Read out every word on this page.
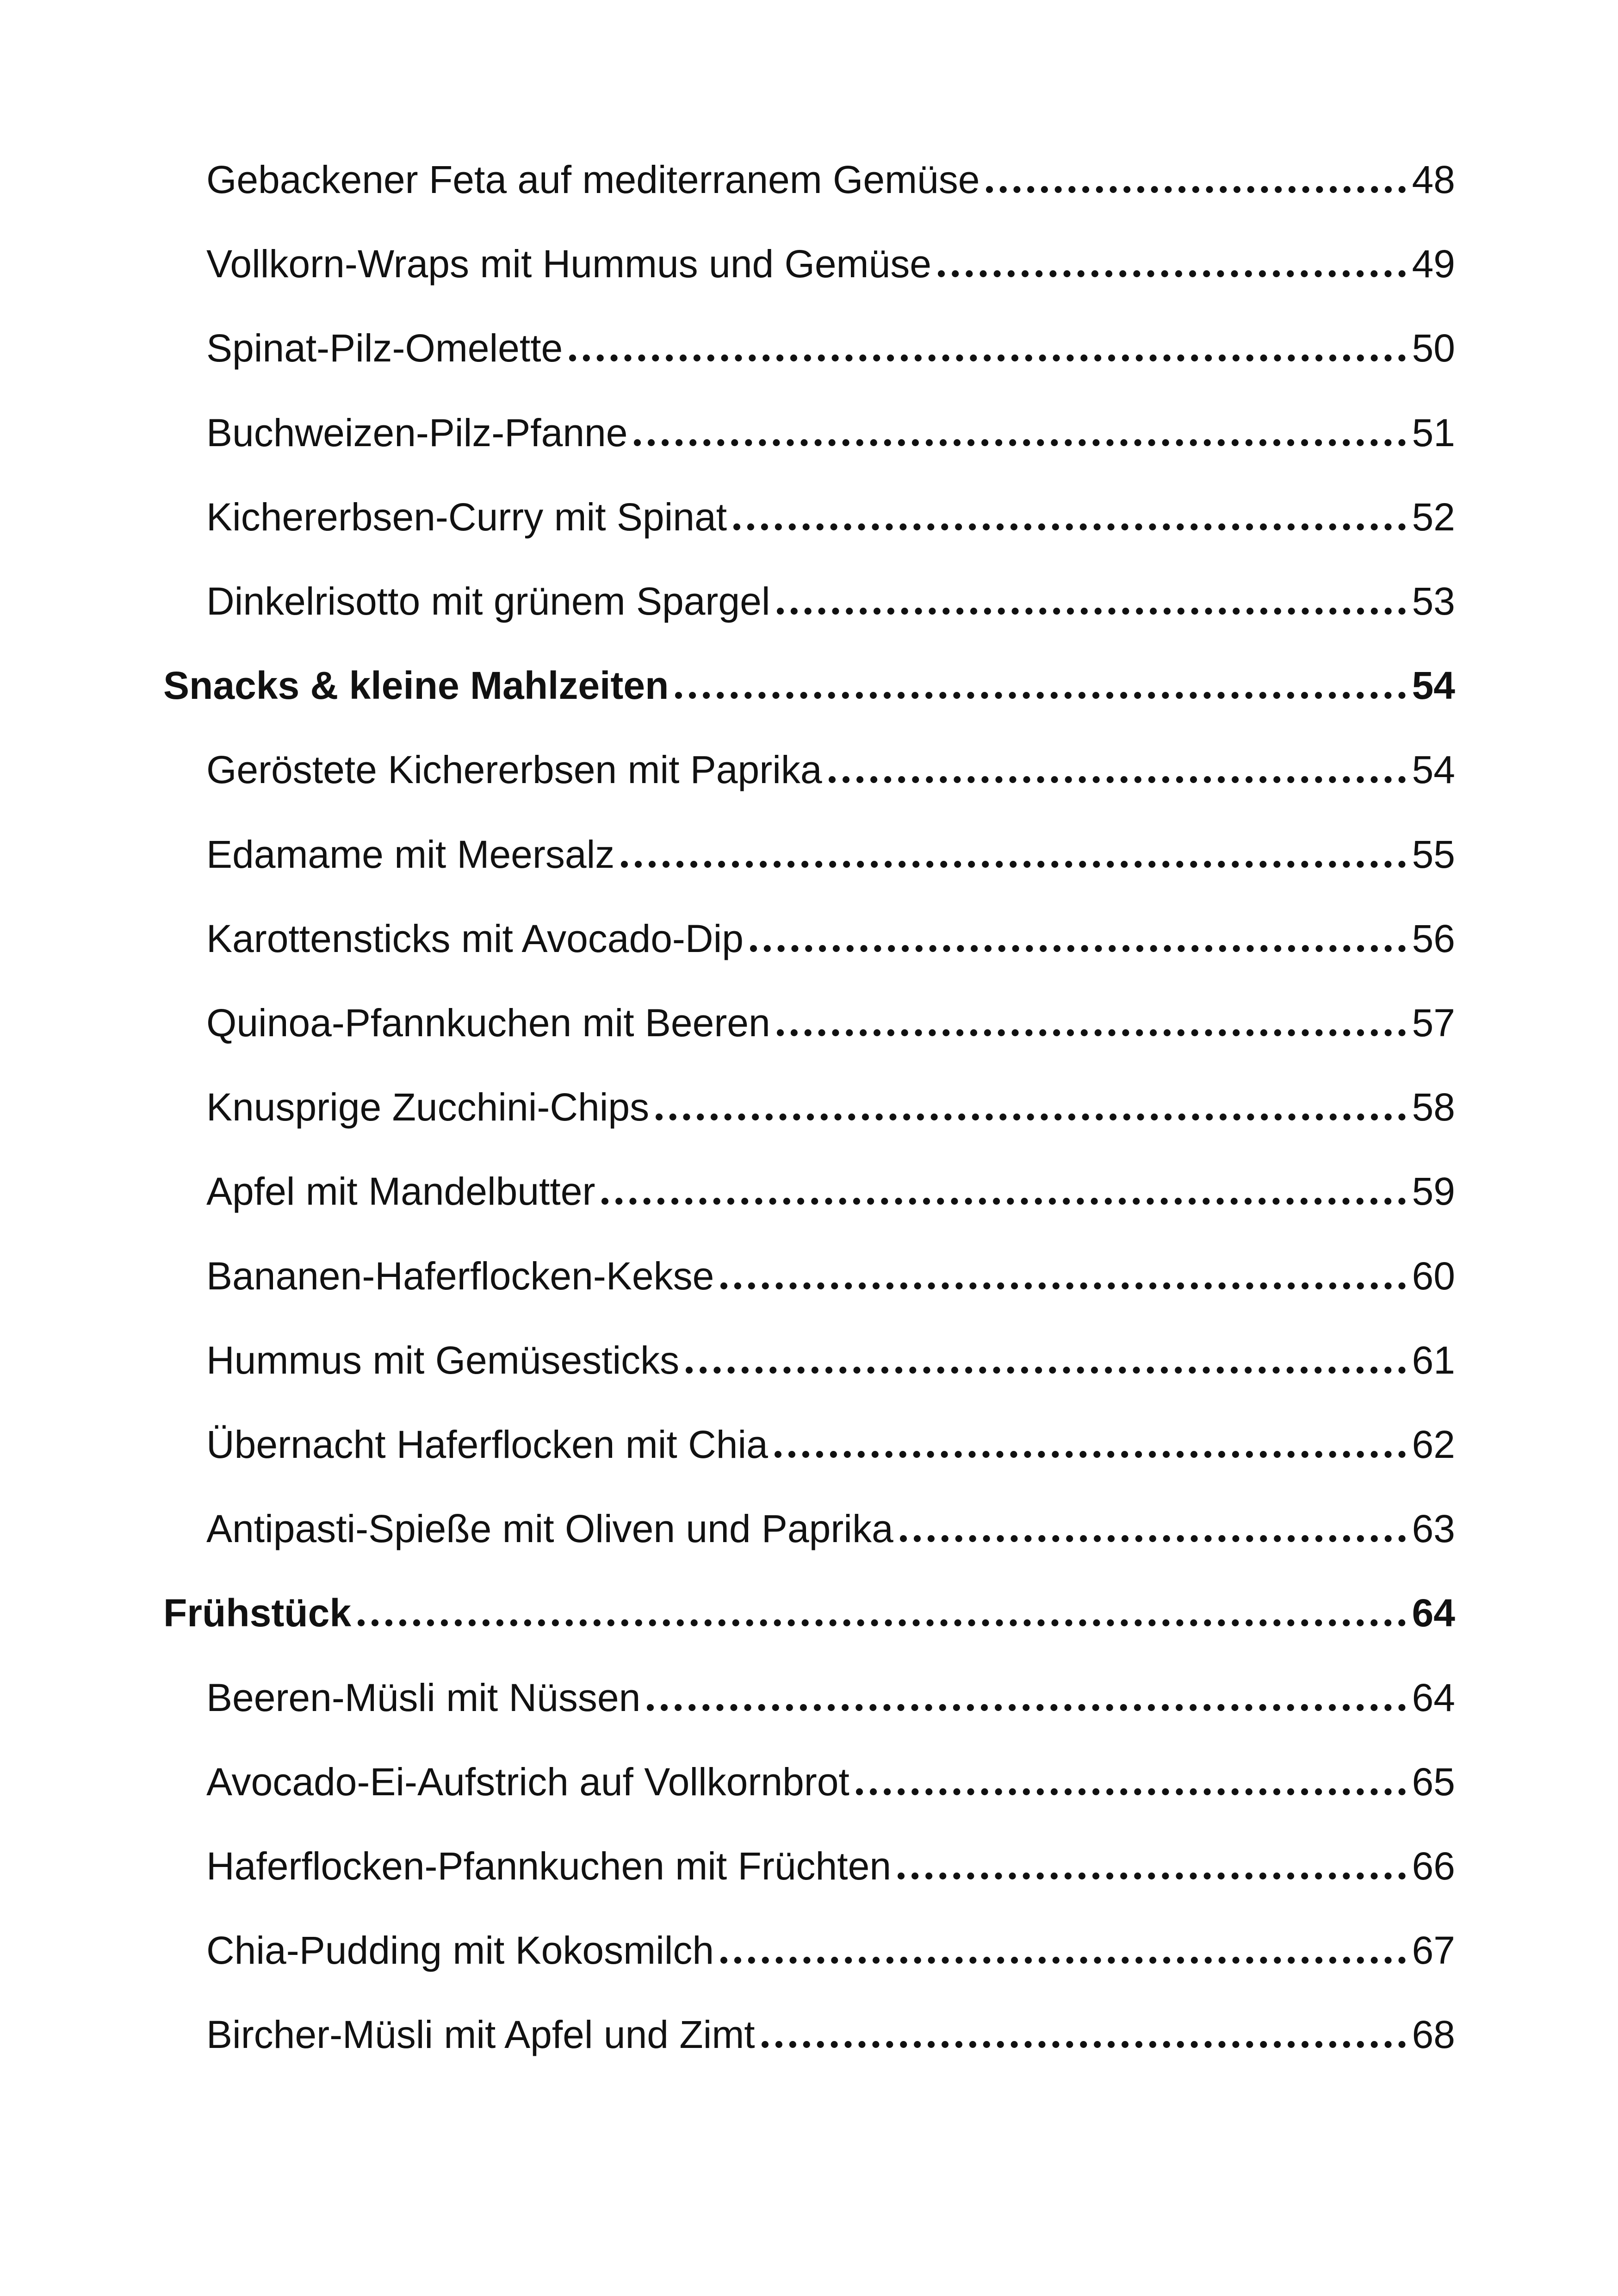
Gebackener Feta auf mediterranem Gemüse	48
Vollkorn-Wraps mit Hummus und Gemüse	49
Spinat-Pilz-Omelette	50
Buchweizen-Pilz-Pfanne	51
Kichererbsen-Curry mit Spinat	52
Dinkelrisotto mit grünem Spargel	53
Snacks & kleine Mahlzeiten	54
Geröstete Kichererbsen mit Paprika	54
Edamame mit Meersalz	55
Karottensticks mit Avocado-Dip	56
Quinoa-Pfannkuchen mit Beeren	57
Knusprige Zucchini-Chips	58
Apfel mit Mandelbutter	59
Bananen-Haferflocken-Kekse	60
Hummus mit Gemüsesticks	61
Übernacht Haferflocken mit Chia	62
Antipasti-Spieße mit Oliven und Paprika	63
Frühstück	64
Beeren-Müsli mit Nüssen	64
Avocado-Ei-Aufstrich auf Vollkornbrot	65
Haferflocken-Pfannkuchen mit Früchten	66
Chia-Pudding mit Kokosmilch	67
Bircher-Müsli mit Apfel und Zimt	68
